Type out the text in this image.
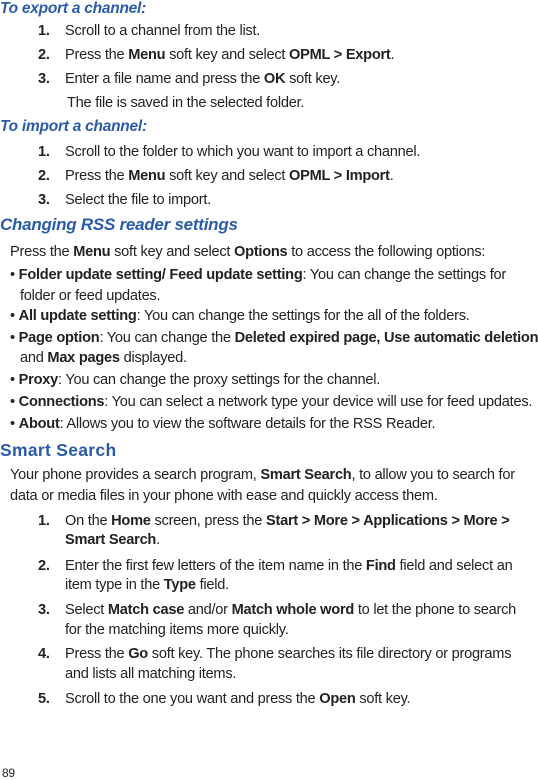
To export a channel:
1. Scroll to a channel from the list.
2. Press the Menu soft key and select OPML > Export.
3. Enter a file name and press the OK soft key.
The file is saved in the selected folder.
To import a channel:
1. Scroll to the folder to which you want to import a channel.
2. Press the Menu soft key and select OPML > Import.
3. Select the file to import.
Changing RSS reader settings
Press the Menu soft key and select Options to access the following options:
• Folder update setting/ Feed update setting: You can change the settings for
folder or feed updates.
• All update setting: You can change the settings for the all of the folders.
• Page option: You can change the Deleted expired page, Use automatic deletion
and Max pages displayed.
• Proxy: You can change the proxy settings for the channel.
• Connections: You can select a network type your device will use for feed updates.
• About: Allows you to view the software details for the RSS Reader.
Smart Search
Your phone provides a search program, Smart Search, to allow you to search for
data or media files in your phone with ease and quickly access them.
1. On the Home screen, press the Start > More > Applications > More >
Smart Search.
2. Enter the first few letters of the item name in the Find field and select an
item type in the Type field.
3. Select Match case and/or Match whole word to let the phone to search
for the matching items more quickly.
4. Press the Go soft key. The phone searches its file directory or programs
and lists all matching items.
5. Scroll to the one you want and press the Open soft key.
89
